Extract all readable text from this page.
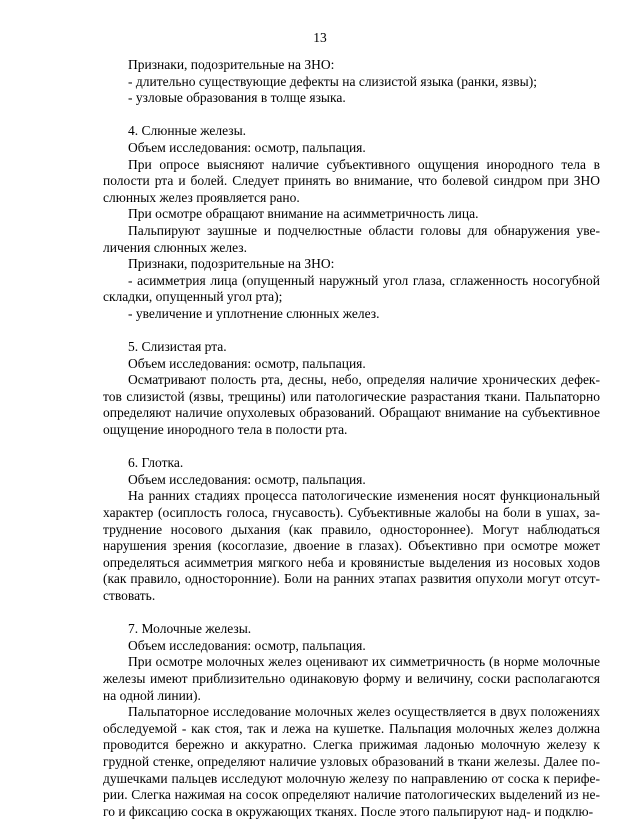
13

Признаки, подозрительные на ЗНО:

- длительно существующие дефекты на слизистой языка (ранки, язвы);

- узловые образования в толще языка.

4. Слюнные железы.

Объем исследования: осмотр, пальпация.

При опросе выясняют наличие субъективного ощущения инородного тела в полости рта и болей. Следует принять во внимание, что болевой синдром при ЗНО слюнных желез проявляется рано.

При осмотре обращают внимание на асимметричность лица.

Пальпируют заушные и подчелюстные области головы для обнаружения увеличения слюнных желез.

Признаки, подозрительные на ЗНО:

- асимметрия лица (опущенный наружный угол глаза, сглаженность носогубной складки, опущенный угол рта);

- увеличение и уплотнение слюнных желез.

5. Слизистая рта.

Объем исследования: осмотр, пальпация.

Осматривают полость рта, десны, небо, определяя наличие хронических дефектов слизистой (язвы, трещины) или патологические разрастания ткани. Пальпаторно определяют наличие опухолевых образований. Обращают внимание на субъективное ощущение инородного тела в полости рта.

6. Глотка.

Объем исследования: осмотр, пальпация.

На ранних стадиях процесса патологические изменения носят функциональный характер (осиплость голоса, гнусавость). Субъективные жалобы на боли в ушах, затруднение носового дыхания (как правило, одностороннее). Могут наблюдаться нарушения зрения (косоглазие, двоение в глазах). Объективно при осмотре может определяться асимметрия мягкого неба и кровянистые выделения из носовых ходов (как правило, односторонние). Боли на ранних этапах развития опухоли могут отсутствовать.

7. Молочные железы.

Объем исследования: осмотр, пальпация.

При осмотре молочных желез оценивают их симметричность (в норме молочные железы имеют приблизительно одинаковую форму и величину, соски располагаются на одной линии).

Пальпаторное исследование молочных желез осуществляется в двух положениях обследуемой - как стоя, так и лежа на кушетке. Пальпация молочных желез должна проводится бережно и аккуратно. Слегка прижимая ладонью молочную железу к грудной стенке, определяют наличие узловых образований в ткани железы. Далее подушечками пальцев исследуют молочную железу по направлению от соска к периферии. Слегка нажимая на сосок определяют наличие патологических выделений из него и фиксацию соска в окружающих тканях. После этого пальпируют над- и подклю-
